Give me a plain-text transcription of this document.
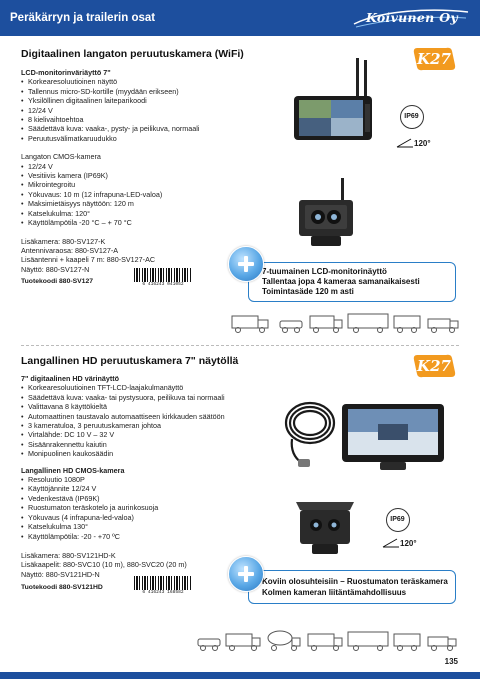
Peräkärryn ja trailerin osat	Koivunen Oy
Digitaalinen langaton peruutuskamera (WiFi)	K27
LCD-monitorinväriäyttö 7"
• Korkearesoluutioinen näyttö
• Tallennus micro-SD-kortille (myydään erikseen)
• Yksilöllinen digitaalinen laiteparikoodi
• 12/24 V
• 8 kielivaihtoehtoa
• Säädettävä kuva: vaaka-, pysty- ja peilikuva, normaali
• Peruutusvälimatkaruudukko
Langaton CMOS-kamera
• 12/24 V
• Vesitiivis kamera (IP69K)
• Mikrointegroitu
• Yökuvaus: 10 m (12 infrapuna-LED-valoa)
• Maksimietäisyys näyttöön: 120 m
• Katselukulma: 120°
• Käyttölämpötila -20 °C – + 70 °C
Lisäkamera: 880-SV127-K
Antennivaraosa: 880-SV127-A
Lisäantenni + kaapeli 7 m: 880-SV127-AC
Näyttö: 880-SV127-N
Tuotekoodi 880-SV127	6 416243 041052
IP69
120°
7-tuumainen LCD-monitorinäyttö
Tallentaa jopa 4 kameraa samanaikaisesti
Toimintasäde 120 m asti
Langallinen HD peruutuskamera 7" näytöllä	K27
7" digitaalinen HD värinäyttö
• Korkearesoluutioinen TFT-LCD-laajakulmanäyttö
• Säädettävä kuva: vaaka- tai pystysuora, peilikuva tai normaali
• Valittavana 8 käyttökieltä
• Automaattinen taustavalo automaattiseen kirkkauden säätöön
• 3 kameratuloa, 3 peruutuskameran johtoa
• Virtalähde: DC 10 V – 32 V
• Sisäänrakennettu kaiutin
• Monipuolinen kaukosäädin
Langallinen HD CMOS-kamera
• Resoluutio 1080P
• Käyttöjännite 12/24 V
• Vedenkestävä (IP69K)
• Ruostumaton teräskotelo ja aurinkosuoja
• Yökuvaus (4 infrapuna-led-valoa)
• Katselukulma 130°
• Käyttölämpötila: -20 - +70 ºC
Lisäkamera: 880-SV121HD-K
Lisäkaapelit: 880-SVC10 (10 m), 880-SVC20 (20 m)
Näyttö: 880-SV121HD-N
Tuotekoodi 880-SV121HD
6 416243 168582
IP69
120°
Koviin olosuhteisiin – Ruostumaton teräskamera
Kolmen kameran liitäntämahdollisuus
135
